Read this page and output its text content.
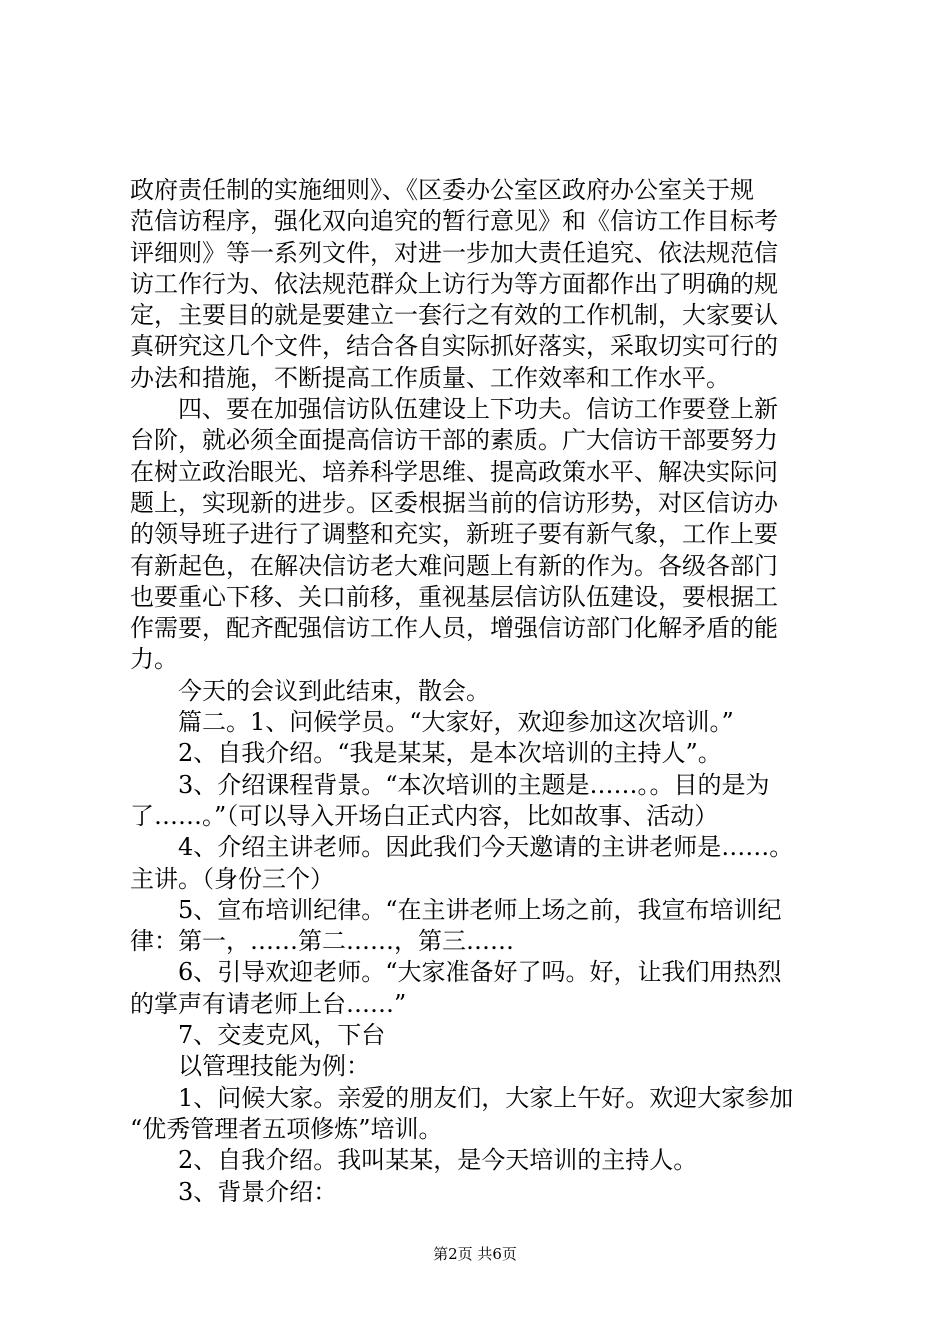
政府责任制的实施细则》、《区委办公室区政府办公室关于规
范信访程序，强化双向追究的暂行意见》和《信访工作目标考
评细则》等一系列文件，对进一步加大责任追究、依法规范信
访工作行为、依法规范群众上访行为等方面都作出了明确的规
定，主要目的就是要建立一套行之有效的工作机制，大家要认
真研究这几个文件，结合各自实际抓好落实，采取切实可行的
办法和措施，不断提高工作质量、工作效率和工作水平。
　　四、要在加强信访队伍建设上下功夫。信访工作要登上新
台阶，就必须全面提高信访干部的素质。广大信访干部要努力
在树立政治眼光、培养科学思维、提高政策水平、解决实际问
题上，实现新的进步。区委根据当前的信访形势，对区信访办
的领导班子进行了调整和充实，新班子要有新气象，工作上要
有新起色，在解决信访老大难问题上有新的作为。各级各部门
也要重心下移、关口前移，重视基层信访队伍建设，要根据工
作需要，配齐配强信访工作人员，增强信访部门化解矛盾的能
力。
　　今天的会议到此结束，散会。
　　篇二。1、问候学员。“大家好，欢迎参加这次培训。”
　　2、自我介绍。“我是某某，是本次培训的主持人”。
　　3、介绍课程背景。“本次培训的主题是……。。目的是为
了……。”（可以导入开场白正式内容，比如故事、活动）
　　4、介绍主讲老师。因此我们今天邀请的主讲老师是……。
主讲。（身份三个）
　　5、宣布培训纪律。“在主讲老师上场之前，我宣布培训纪
律：第一，……第二……，第三……
　　6、引导欢迎老师。“大家准备好了吗。好，让我们用热烈
的掌声有请老师上台……”
　　7、交麦克风，下台
　　以管理技能为例：
　　1、问候大家。亲爱的朋友们，大家上午好。欢迎大家参加
“优秀管理者五项修炼”培训。
　　2、自我介绍。我叫某某，是今天培训的主持人。
　　3、背景介绍：
第2页 共6页
